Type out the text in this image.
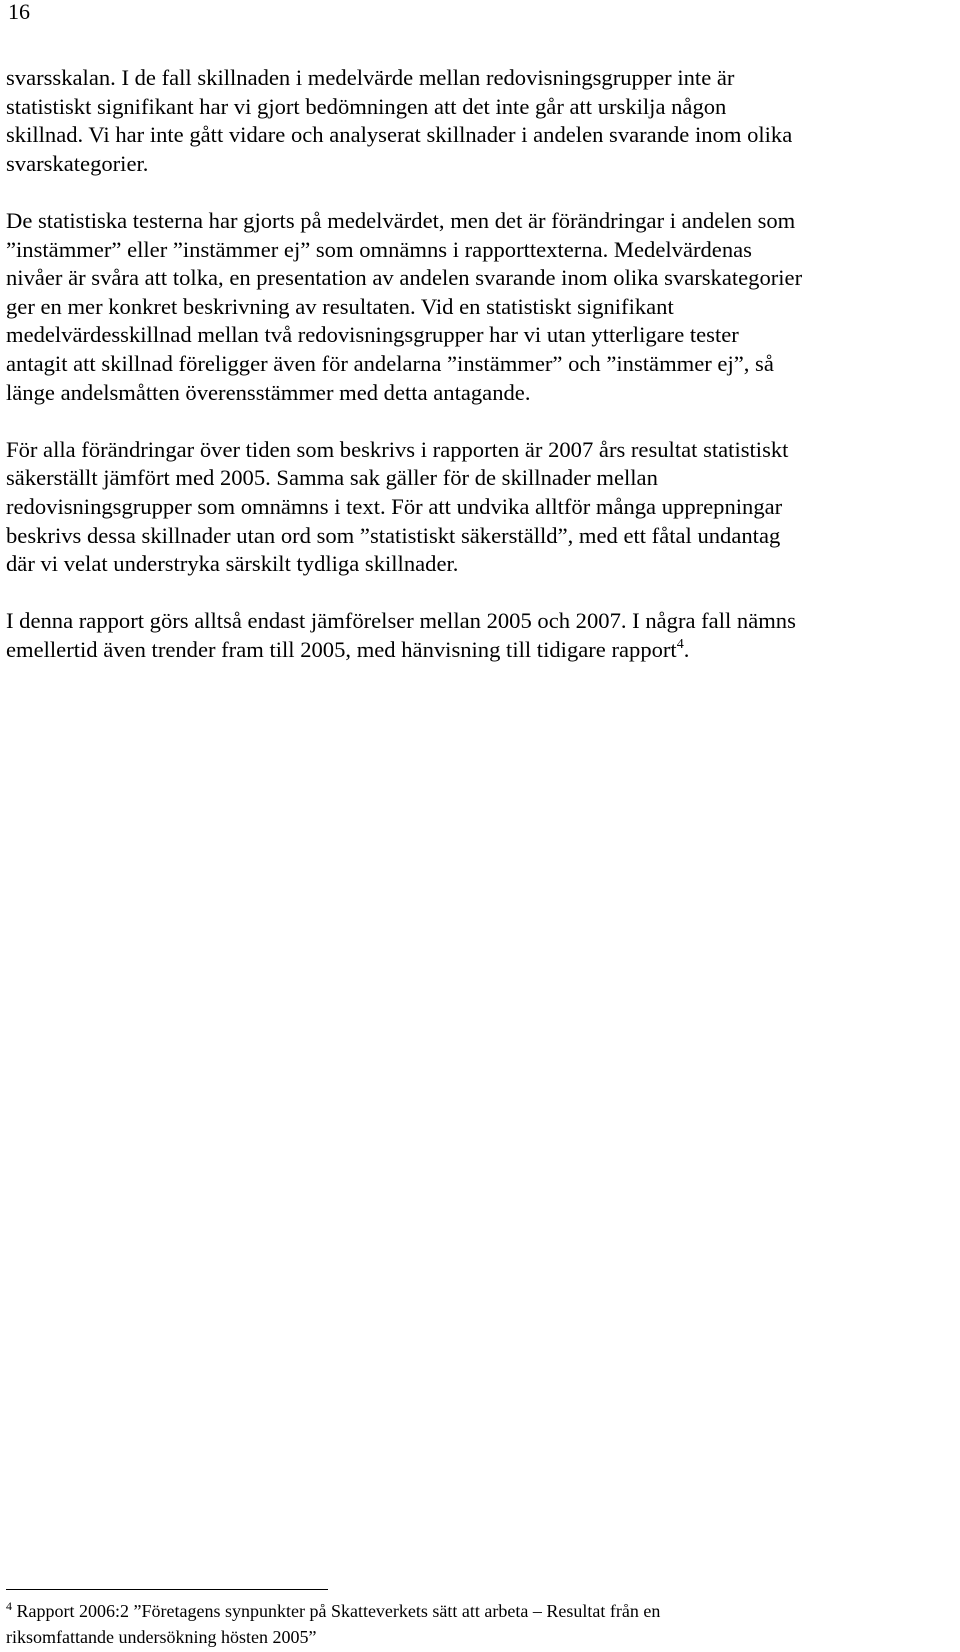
16

svarsskalan. I de fall skillnaden i medelvärde mellan redovisningsgrupper inte är
statistiskt signifikant har vi gjort bedömningen att det inte går att urskilja någon
skillnad. Vi har inte gått vidare och analyserat skillnader i andelen svarande inom olika
svarskategorier.

De statistiska testerna har gjorts på medelvärdet, men det är förändringar i andelen som
”instämmer” eller ”instämmer ej” som omnämns i rapporttexterna. Medelvärdenas
nivåer är svåra att tolka, en presentation av andelen svarande inom olika svarskategorier
ger en mer konkret beskrivning av resultaten. Vid en statistiskt signifikant
medelvärdesskillnad mellan två redovisningsgrupper har vi utan ytterligare tester
antagit att skillnad föreligger även för andelarna ”instämmer” och ”instämmer ej”, så
länge andelsmåtten överensstämmer med detta antagande.

För alla förändringar över tiden som beskrivs i rapporten är 2007 års resultat statistiskt
säkerställt jämfört med 2005. Samma sak gäller för de skillnader mellan
redovisningsgrupper som omnämns i text. För att undvika alltför många upprepningar
beskrivs dessa skillnader utan ord som ”statistiskt säkerställd”, med ett fåtal undantag
där vi velat understryka särskilt tydliga skillnader.

I denna rapport görs alltså endast jämförelser mellan 2005 och 2007. I några fall nämns
emellertid även trender fram till 2005, med hänvisning till tidigare rapport$^4$.

$^4$ Rapport 2006:2 ”Företagens synpunkter på Skatteverkets sätt att arbeta – Resultat från en
riksomfattande undersökning hösten 2005”
